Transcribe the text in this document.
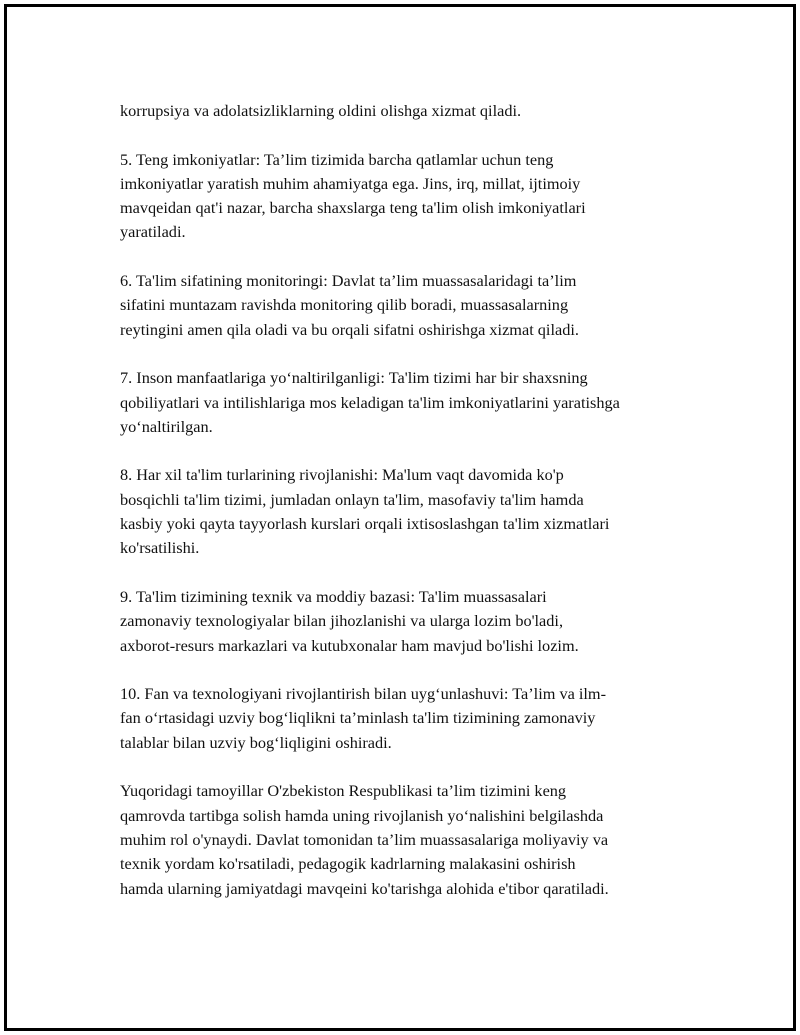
korrupsiya va adolatsizliklarning oldini olishga xizmat qiladi.

5. Teng imkoniyatlar: Ta’lim tizimida barcha qatlamlar uchun teng
imkoniyatlar yaratish muhim ahamiyatga ega. Jins, irq, millat, ijtimoiy
mavqeidan qat'i nazar, barcha shaxslarga teng ta'lim olish imkoniyatlari
yaratiladi.

6. Ta'lim sifatining monitoringi: Davlat ta’lim muassasalaridagi ta’lim
sifatini muntazam ravishda monitoring qilib boradi, muassasalarning
reytingini amen qila oladi va bu orqali sifatni oshirishga xizmat qiladi.

7. Inson manfaatlariga yo‘naltirilganligi: Ta'lim tizimi har bir shaxsning
qobiliyatlari va intilishlariga mos keladigan ta'lim imkoniyatlarini yaratishga
yo‘naltirilgan.

8. Har xil ta'lim turlarining rivojlanishi: Ma'lum vaqt davomida ko'p
bosqichli ta'lim tizimi, jumladan onlayn ta'lim, masofaviy ta'lim hamda
kasbiy yoki qayta tayyorlash kurslari orqali ixtisoslashgan ta'lim xizmatlari
ko'rsatilishi.

9. Ta'lim tizimining texnik va moddiy bazasi: Ta'lim muassasalari
zamonaviy texnologiyalar bilan jihozlanishi va ularga lozim bo'ladi,
axborot-resurs markazlari va kutubxonalar ham mavjud bo'lishi lozim.

10. Fan va texnologiyani rivojlantirish bilan uyg‘unlashuvi: Ta’lim va ilm-
fan o‘rtasidagi uzviy bog‘liqlikni ta’minlash ta'lim tizimining zamonaviy
talablar bilan uzviy bog‘liqligini oshiradi.

Yuqoridagi tamoyillar O'zbekiston Respublikasi ta’lim tizimini keng
qamrovda tartibga solish hamda uning rivojlanish yo‘nalishini belgilashda
muhim rol o'ynaydi. Davlat tomonidan ta’lim muassasalariga moliyaviy va
texnik yordam ko'rsatiladi, pedagogik kadrlarning malakasini oshirish
hamda ularning jamiyatdagi mavqeini ko'tarishga alohida e'tibor qaratiladi.
